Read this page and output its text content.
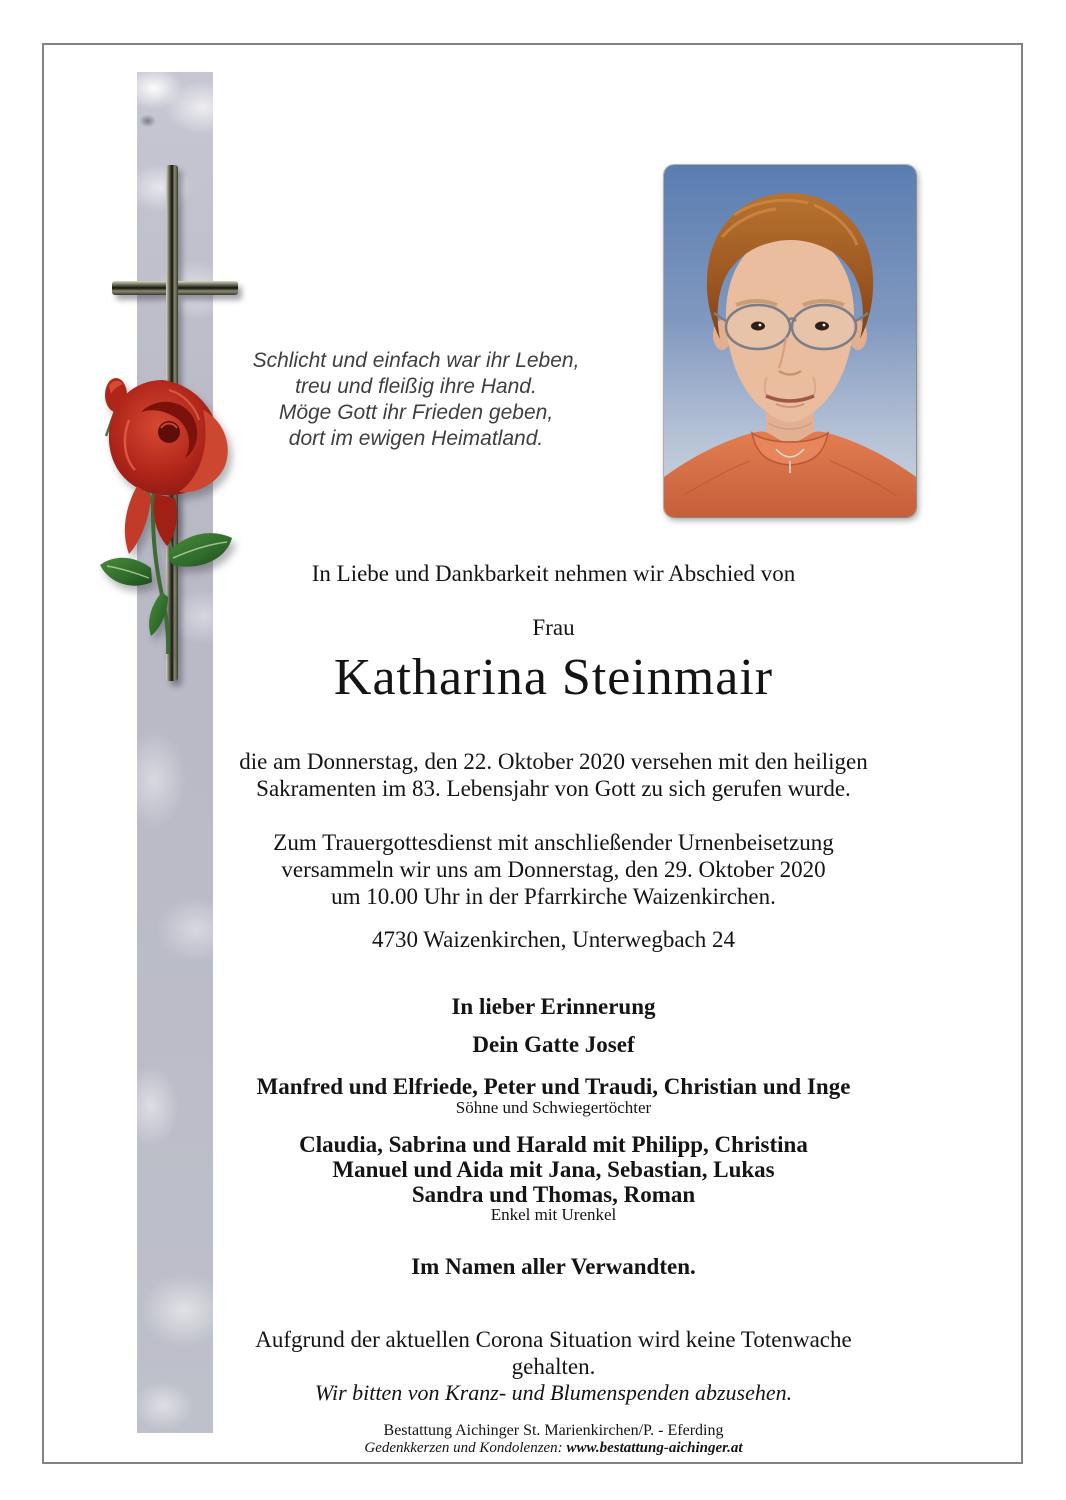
Schlicht und einfach war ihr Leben,
treu und fleißig ihre Hand.
Möge Gott ihr Frieden geben,
dort im ewigen Heimatland.
In Liebe und Dankbarkeit nehmen wir Abschied von
Frau
Katharina Steinmair
die am Donnerstag, den 22. Oktober 2020 versehen mit den heiligen
Sakramenten im 83. Lebensjahr von Gott zu sich gerufen wurde.
Zum Trauergottesdienst mit anschließender Urnenbeisetzung
versammeln wir uns am Donnerstag, den 29. Oktober 2020
um 10.00 Uhr in der Pfarrkirche Waizenkirchen.
4730 Waizenkirchen, Unterwegbach 24
In lieber Erinnerung
Dein Gatte Josef
Manfred und Elfriede, Peter und Traudi, Christian und Inge
Söhne und Schwiegertöchter
Claudia, Sabrina und Harald mit Philipp, Christina
Manuel und Aida mit Jana, Sebastian, Lukas
Sandra und Thomas, Roman
Enkel mit Urenkel
Im Namen aller Verwandten.
Aufgrund der aktuellen Corona Situation wird keine Totenwache gehalten.
Wir bitten von Kranz- und Blumenspenden abzusehen.
Bestattung Aichinger St. Marienkirchen/P. - Eferding
Gedenkkerzen und Kondolenzen: www.bestattung-aichinger.at
